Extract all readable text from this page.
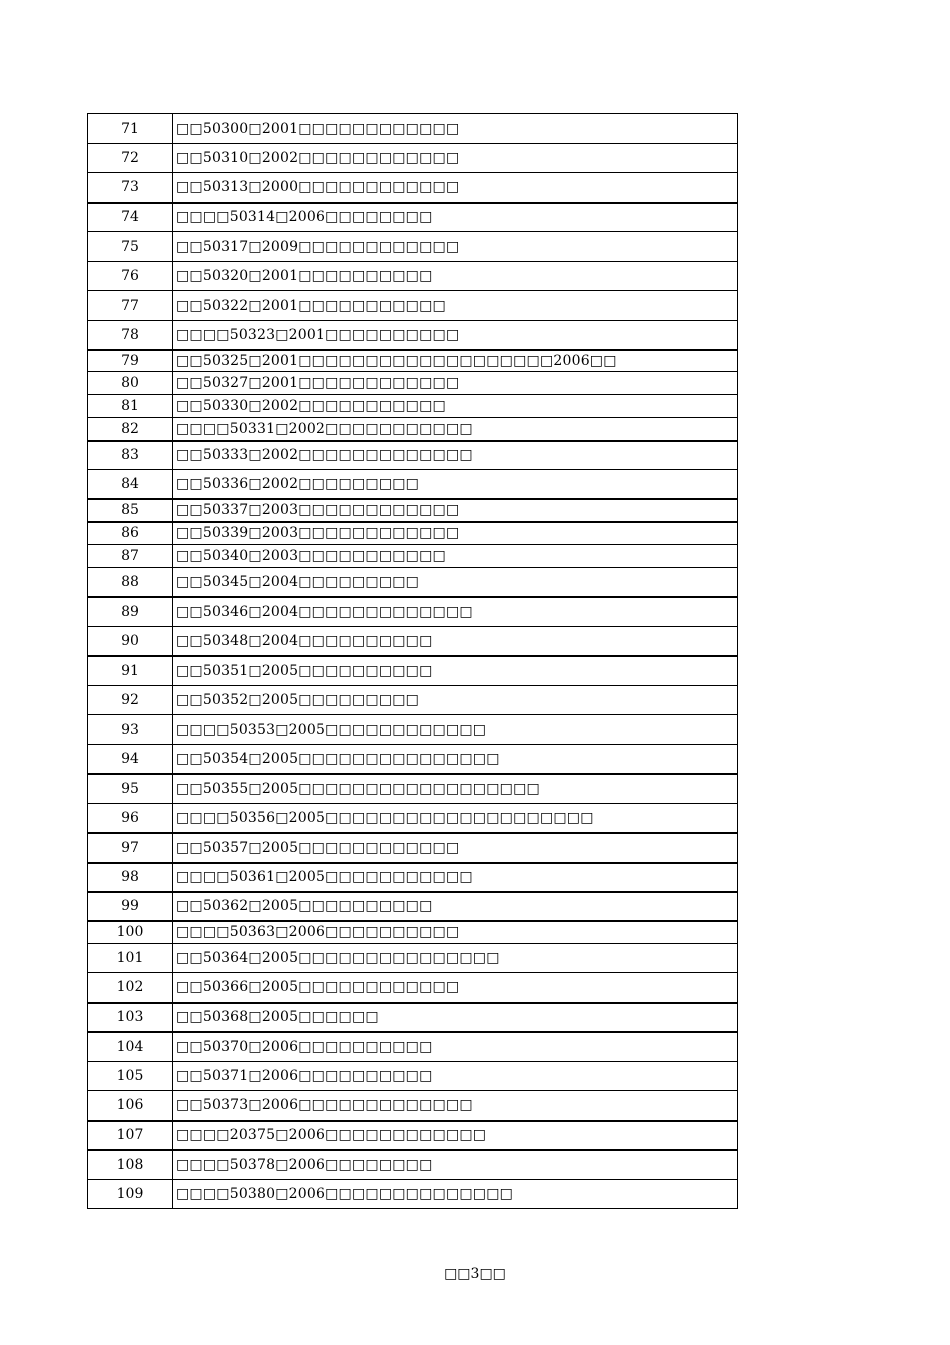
71	□□50300□2001□□□□□□□□□□□□
72	□□50310□2002□□□□□□□□□□□□
73	□□50313□2000□□□□□□□□□□□□
74	□□□□50314□2006□□□□□□□□
75	□□50317□2009□□□□□□□□□□□□
76	□□50320□2001□□□□□□□□□□
77	□□50322□2001□□□□□□□□□□□
78	□□□□50323□2001□□□□□□□□□□
79	□□50325□2001□□□□□□□□□□□□□□□□□□□2006□□
80	□□50327□2001□□□□□□□□□□□□
81	□□50330□2002□□□□□□□□□□□
82	□□□□50331□2002□□□□□□□□□□□
83	□□50333□2002□□□□□□□□□□□□□
84	□□50336□2002□□□□□□□□□
85	□□50337□2003□□□□□□□□□□□□
86	□□50339□2003□□□□□□□□□□□□
87	□□50340□2003□□□□□□□□□□□
88	□□50345□2004□□□□□□□□□
89	□□50346□2004□□□□□□□□□□□□□
90	□□50348□2004□□□□□□□□□□
91	□□50351□2005□□□□□□□□□□
92	□□50352□2005□□□□□□□□□
93	□□□□50353□2005□□□□□□□□□□□□
94	□□50354□2005□□□□□□□□□□□□□□□
95	□□50355□2005□□□□□□□□□□□□□□□□□□
96	□□□□50356□2005□□□□□□□□□□□□□□□□□□□□
97	□□50357□2005□□□□□□□□□□□□
98	□□□□50361□2005□□□□□□□□□□□
99	□□50362□2005□□□□□□□□□□
100	□□□□50363□2006□□□□□□□□□□
101	□□50364□2005□□□□□□□□□□□□□□□
102	□□50366□2005□□□□□□□□□□□□
103	□□50368□2005□□□□□□
104	□□50370□2006□□□□□□□□□□
105	□□50371□2006□□□□□□□□□□
106	□□50373□2006□□□□□□□□□□□□□
107	□□□□20375□2006□□□□□□□□□□□□
108	□□□□50378□2006□□□□□□□□
109	□□□□50380□2006□□□□□□□□□□□□□□
□□3□□
